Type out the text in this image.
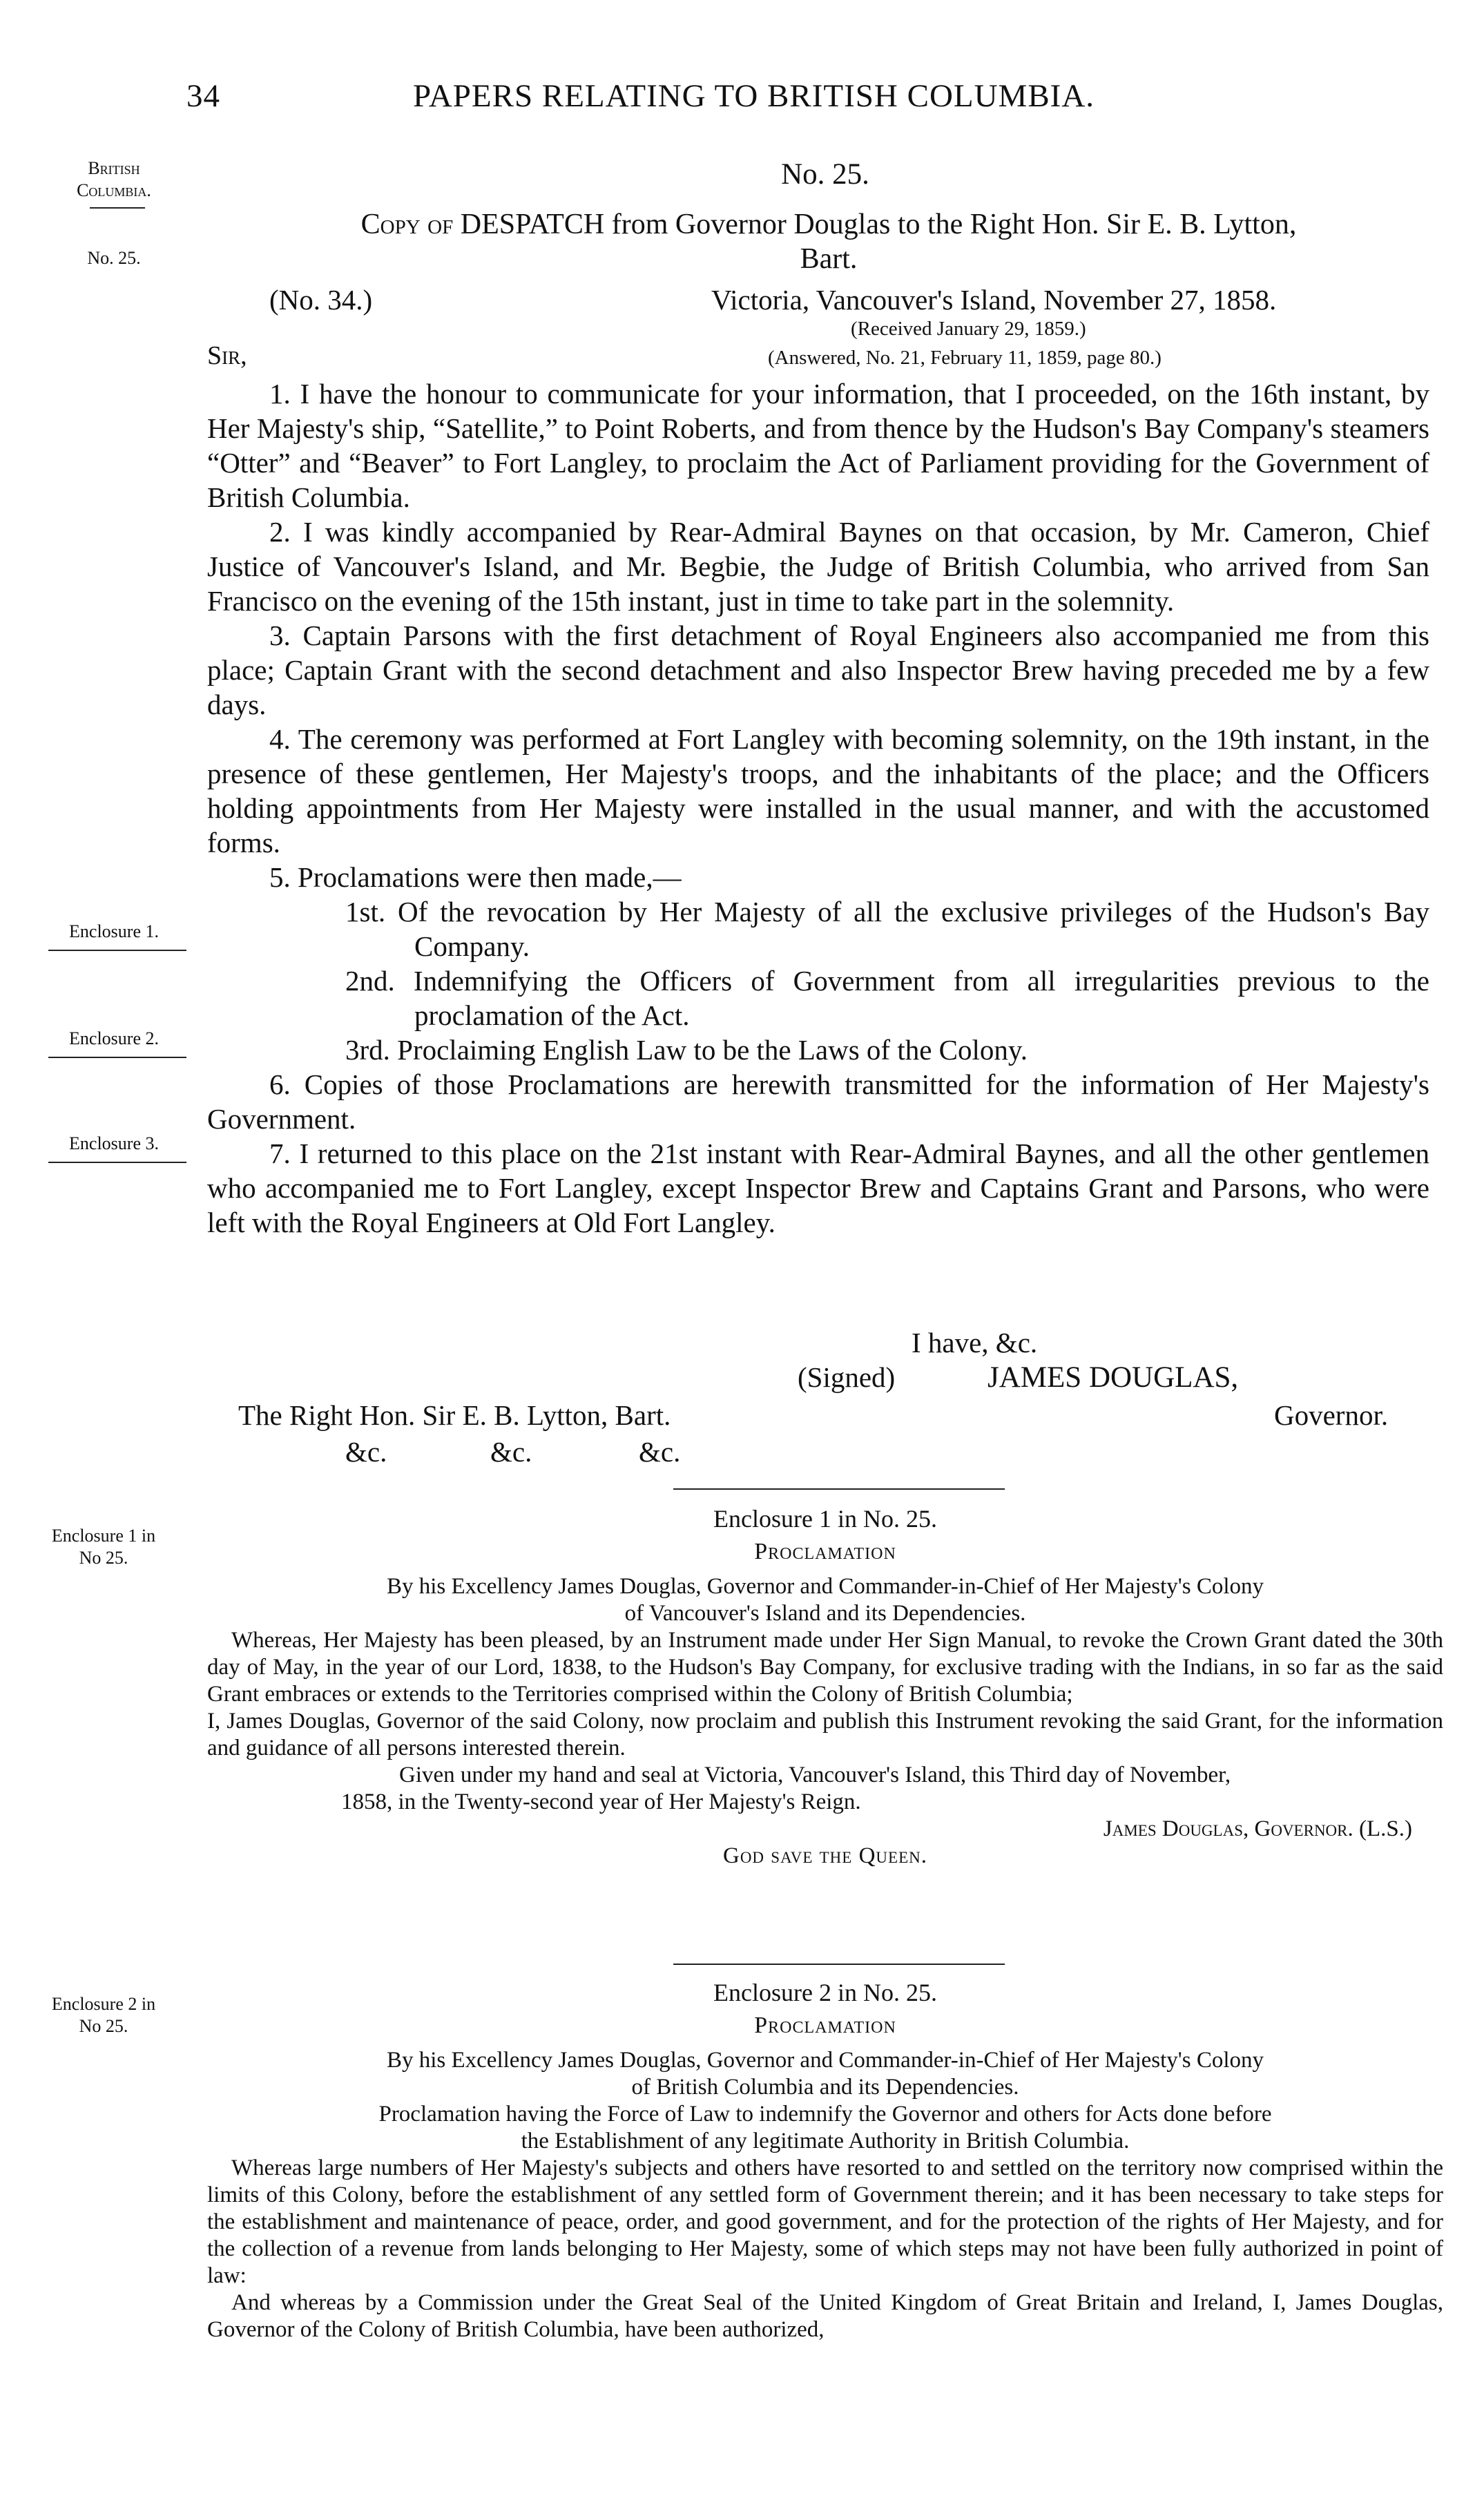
34	PAPERS RELATING TO BRITISH COLUMBIA.
British
Columbia.
No. 25.
Enclosure 1.
Enclosure 2.
Enclosure 3.
Enclosure 1 in
No 25.
Enclosure 2 in
No 25.
No. 25.
Copy of DESPATCH from Governor Douglas to the Right Hon. Sir E. B. Lytton,
Bart.
(No. 34.)	Victoria, Vancouver's Island, November 27, 1858.
(Received January 29, 1859.)
(Answered, No. 21, February 11, 1859, page 80.)
Sir,

1. I have the honour to communicate for your information, that I proceeded, on the 16th instant, by Her Majesty's ship, “Satellite,” to Point Roberts, and from thence by the Hudson's Bay Company's steamers “Otter” and “Beaver” to Fort Langley, to proclaim the Act of Parliament providing for the Government of British Columbia.

2. I was kindly accompanied by Rear-Admiral Baynes on that occasion, by Mr. Cameron, Chief Justice of Vancouver's Island, and Mr. Begbie, the Judge of British Columbia, who arrived from San Francisco on the evening of the 15th instant, just in time to take part in the solemnity.

3. Captain Parsons with the first detachment of Royal Engineers also accompanied me from this place; Captain Grant with the second detachment and also Inspector Brew having preceded me by a few days.

4. The ceremony was performed at Fort Langley with becoming solemnity, on the 19th instant, in the presence of these gentlemen, Her Majesty's troops, and the inhabitants of the place; and the Officers holding appointments from Her Majesty were installed in the usual manner, and with the accustomed forms.

5. Proclamations were then made,—

1st. Of the revocation by Her Majesty of all the exclusive privileges of the Hudson's Bay Company.

2nd. Indemnifying the Officers of Government from all irregularities previous to the proclamation of the Act.

3rd. Proclaiming English Law to be the Laws of the Colony.

6. Copies of those Proclamations are herewith transmitted for the information of Her Majesty's Government.

7. I returned to this place on the 21st instant with Rear-Admiral Baynes, and all the other gentlemen who accompanied me to Fort Langley, except Inspector Brew and Captains Grant and Parsons, who were left with the Royal Engineers at Old Fort Langley.

I have, &c.
(Signed)	JAMES DOUGLAS,
The Right Hon. Sir E. B. Lytton, Bart.	Governor.
&c.	&c.	&c.
Enclosure 1 in No. 25.
Proclamation

By his Excellency James Douglas, Governor and Commander-in-Chief of Her Majesty's Colony

of Vancouver's Island and its Dependencies.

Whereas, Her Majesty has been pleased, by an Instrument made under Her Sign Manual, to revoke the Crown Grant dated the 30th day of May, in the year of our Lord, 1838, to the Hudson's Bay Company, for exclusive trading with the Indians, in so far as the said Grant embraces or extends to the Territories comprised within the Colony of British Columbia;

I, James Douglas, Governor of the said Colony, now proclaim and publish this Instrument revoking the said Grant, for the information and guidance of all persons interested therein.

Given under my hand and seal at Victoria, Vancouver's Island, this Third day of November,

1858, in the Twenty-second year of Her Majesty's Reign.

James Douglas, Governor. (L.S.)

God save the Queen.

Enclosure 2 in No. 25.
Proclamation

By his Excellency James Douglas, Governor and Commander-in-Chief of Her Majesty's Colony

of British Columbia and its Dependencies.

Proclamation having the Force of Law to indemnify the Governor and others for Acts done before

the Establishment of any legitimate Authority in British Columbia.

Whereas large numbers of Her Majesty's subjects and others have resorted to and settled on the territory now comprised within the limits of this Colony, before the establishment of any settled form of Government therein; and it has been necessary to take steps for the establishment and maintenance of peace, order, and good government, and for the protection of the rights of Her Majesty, and for the collection of a revenue from lands belonging to Her Majesty, some of which steps may not have been fully authorized in point of law:

And whereas by a Commission under the Great Seal of the United Kingdom of Great Britain and Ireland, I, James Douglas, Governor of the Colony of British Columbia, have been authorized,
